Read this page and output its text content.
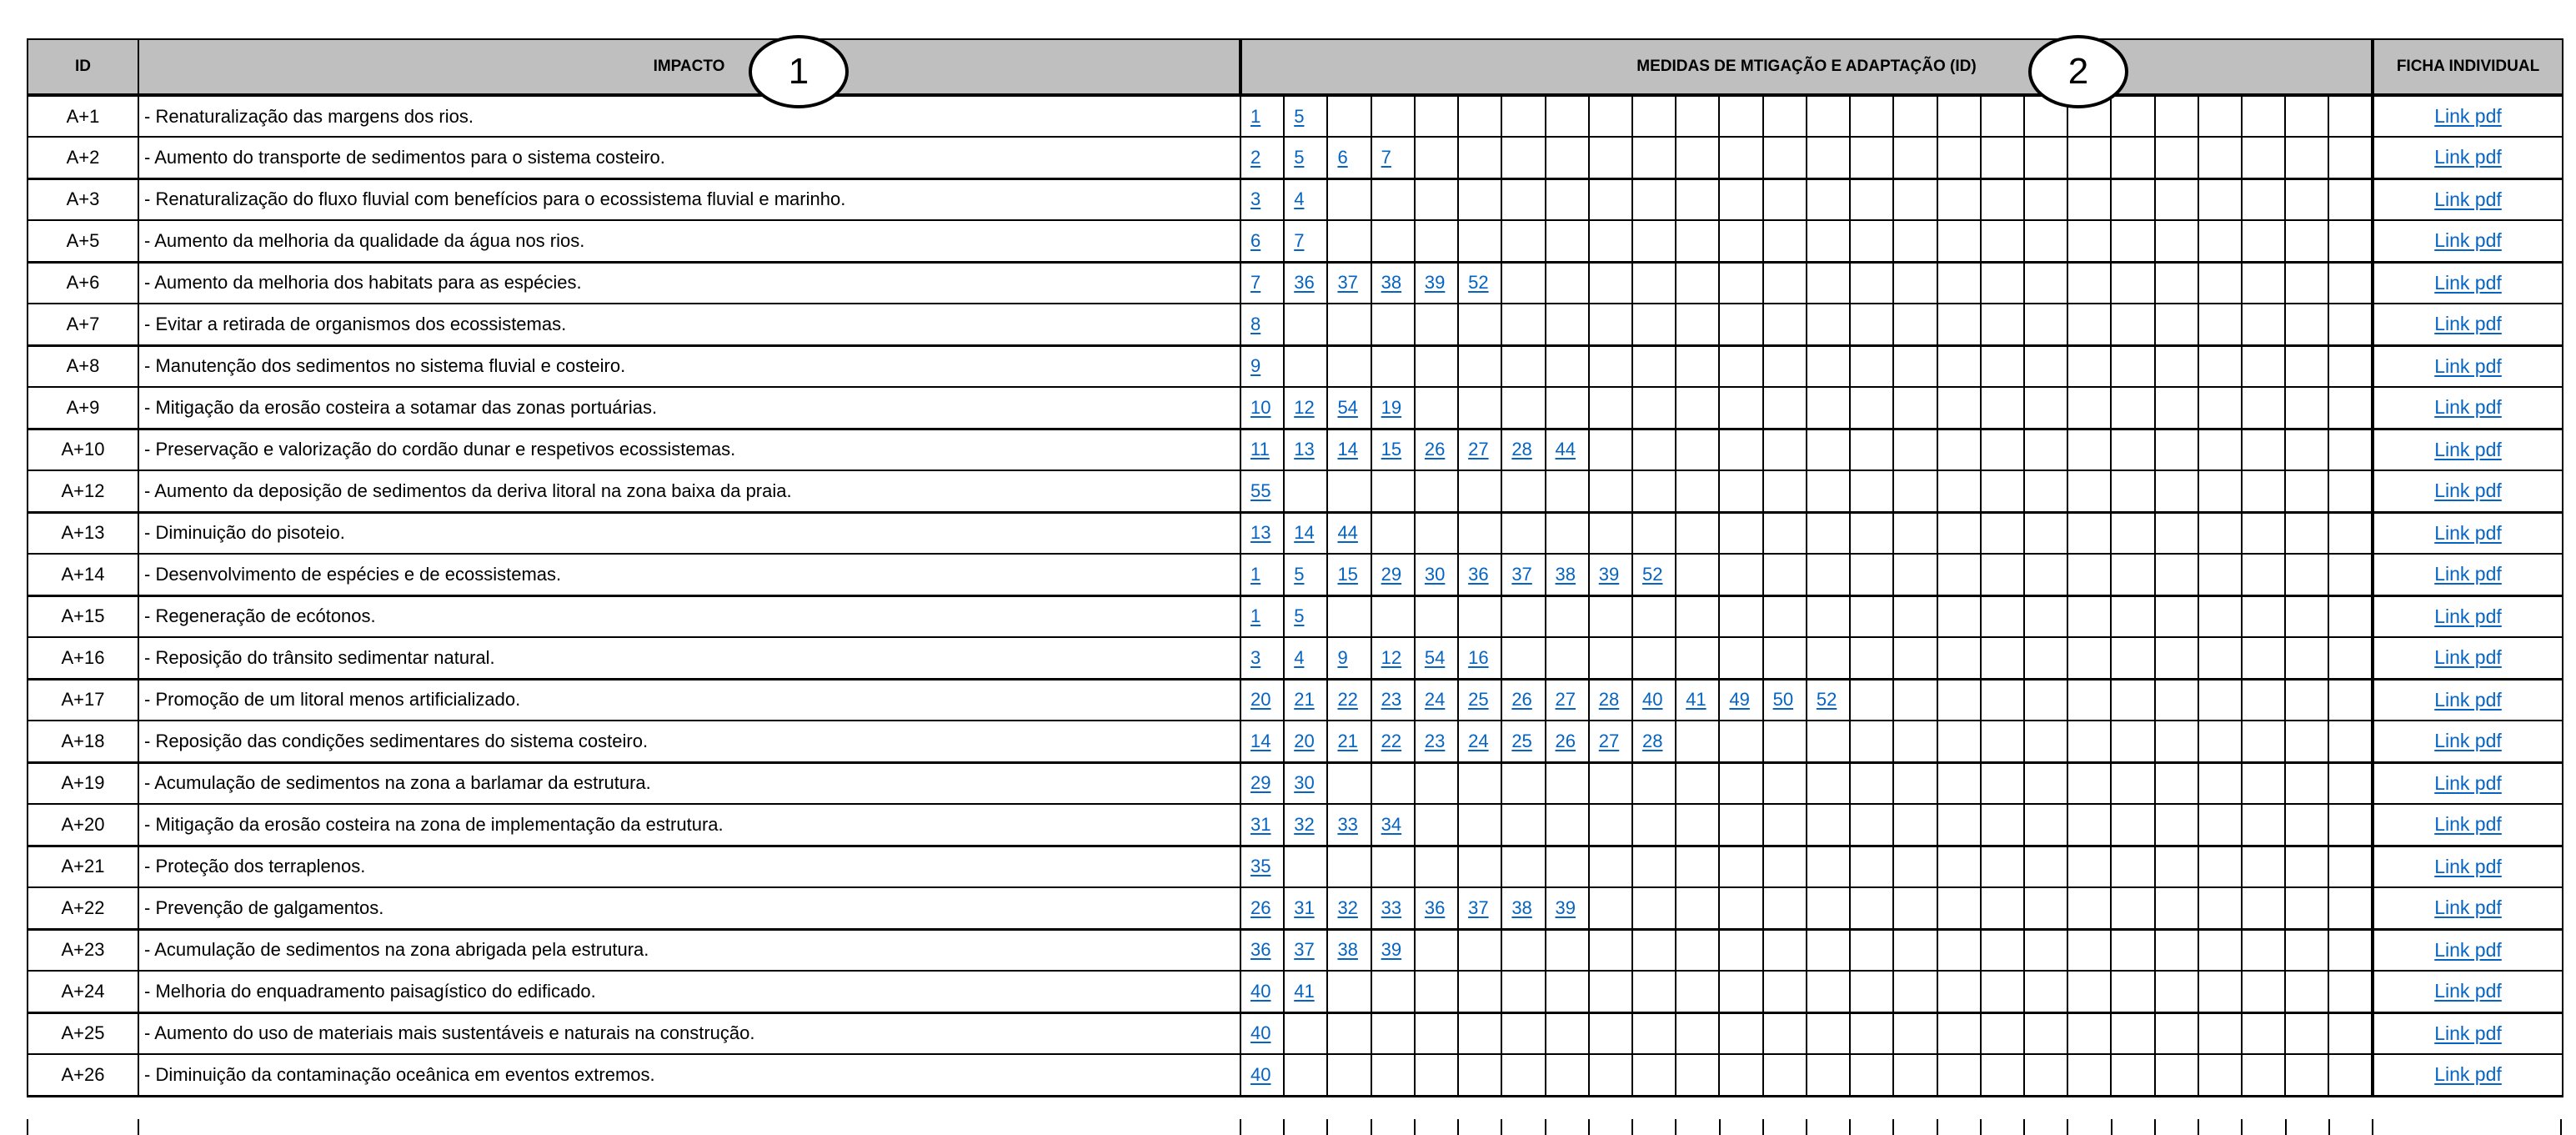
ID	IMPACTO	MEDIDAS DE MTIGAÇÃO E ADAPTAÇÃO (ID)																										FICHA INDIVIDUAL
A+1	- Renaturalização das margens dos rios.	1	5																									Link pdf
A+2	- Aumento do transporte de sedimentos para o sistema costeiro.	2	5	6	7																							Link pdf
A+3	- Renaturalização do fluxo fluvial com benefícios para o ecossistema fluvial e marinho.	3	4																									Link pdf
A+5	- Aumento da melhoria da qualidade da água nos rios.	6	7																									Link pdf
A+6	- Aumento da melhoria dos habitats para as espécies.	7	36	37	38	39	52																					Link pdf
A+7	- Evitar a retirada de organismos dos ecossistemas.	8																										Link pdf
A+8	- Manutenção dos sedimentos no sistema fluvial e costeiro.	9																										Link pdf
A+9	- Mitigação da erosão costeira a sotamar das zonas portuárias.	10	12	54	19																							Link pdf
A+10	- Preservação e valorização do cordão dunar e respetivos ecossistemas.	11	13	14	15	26	27	28	44																			Link pdf
A+12	- Aumento da deposição de sedimentos da deriva litoral na zona baixa da praia.	55																										Link pdf
A+13	- Diminuição do pisoteio.	13	14	44																								Link pdf
A+14	- Desenvolvimento de espécies e de ecossistemas.	1	5	15	29	30	36	37	38	39	52																	Link pdf
A+15	- Regeneração de ecótonos.	1	5																									Link pdf
A+16	- Reposição do trânsito sedimentar natural.	3	4	9	12	54	16																					Link pdf
A+17	- Promoção de um litoral menos artificializado.	20	21	22	23	24	25	26	27	28	40	41	49	50	52													Link pdf
A+18	- Reposição das condições sedimentares do sistema costeiro.	14	20	21	22	23	24	25	26	27	28																	Link pdf
A+19	- Acumulação de sedimentos na zona a barlamar da estrutura.	29	30																									Link pdf
A+20	- Mitigação da erosão costeira na zona de implementação da estrutura.	31	32	33	34																							Link pdf
A+21	- Proteção dos terraplenos.	35																										Link pdf
A+22	- Prevenção de galgamentos.	26	31	32	33	36	37	38	39																			Link pdf
A+23	- Acumulação de sedimentos na zona abrigada pela estrutura.	36	37	38	39																							Link pdf
A+24	- Melhoria do enquadramento paisagístico do edificado.	40	41																									Link pdf
A+25	- Aumento do uso de materiais mais sustentáveis e naturais na construção.	40																										Link pdf
A+26	- Diminuição da contaminação oceânica em eventos extremos.	40																										Link pdf
1	2
